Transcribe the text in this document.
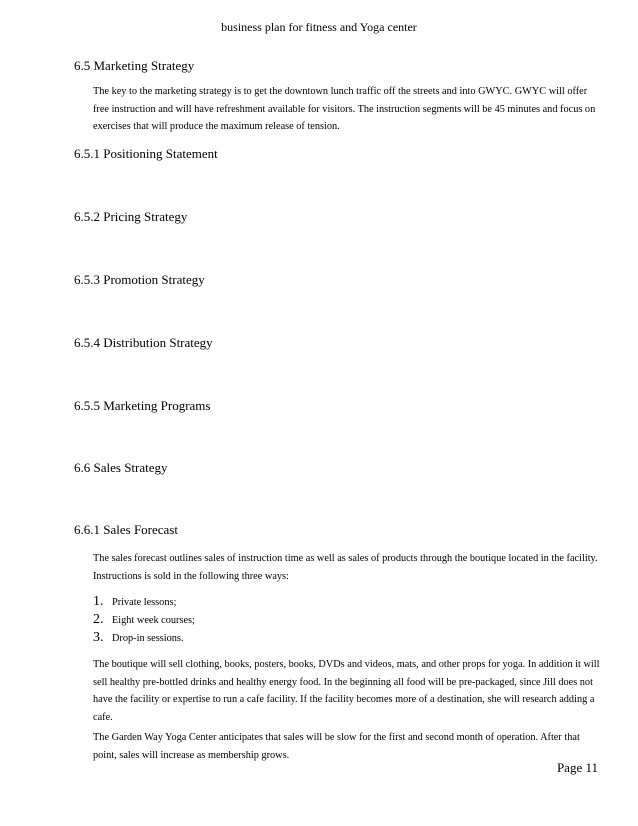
business plan for fitness and Yoga center
6.5 Marketing Strategy
The key to the marketing strategy is to get the downtown lunch traffic off the streets and into GWYC. GWYC will offer free instruction and will have refreshment available for visitors. The instruction segments will be 45 minutes and focus on exercises that will produce the maximum release of tension.
6.5.1 Positioning Statement
6.5.2 Pricing Strategy
6.5.3 Promotion Strategy
6.5.4 Distribution Strategy
6.5.5 Marketing Programs
6.6 Sales Strategy
6.6.1 Sales Forecast
The sales forecast outlines sales of instruction time as well as sales of products through the boutique located in the facility. Instructions is sold in the following three ways:
1. Private lessons;
2. Eight week courses;
3. Drop-in sessions.
The boutique will sell clothing, books, posters, books, DVDs and videos, mats, and other props for yoga. In addition it will sell healthy pre-bottled drinks and healthy energy food. In the beginning all food will be pre-packaged, since Jill does not have the facility or expertise to run a cafe facility. If the facility becomes more of a destination, she will research adding a cafe.
The Garden Way Yoga Center anticipates that sales will be slow for the first and second month of operation. After that point, sales will increase as membership grows.
Page 11
